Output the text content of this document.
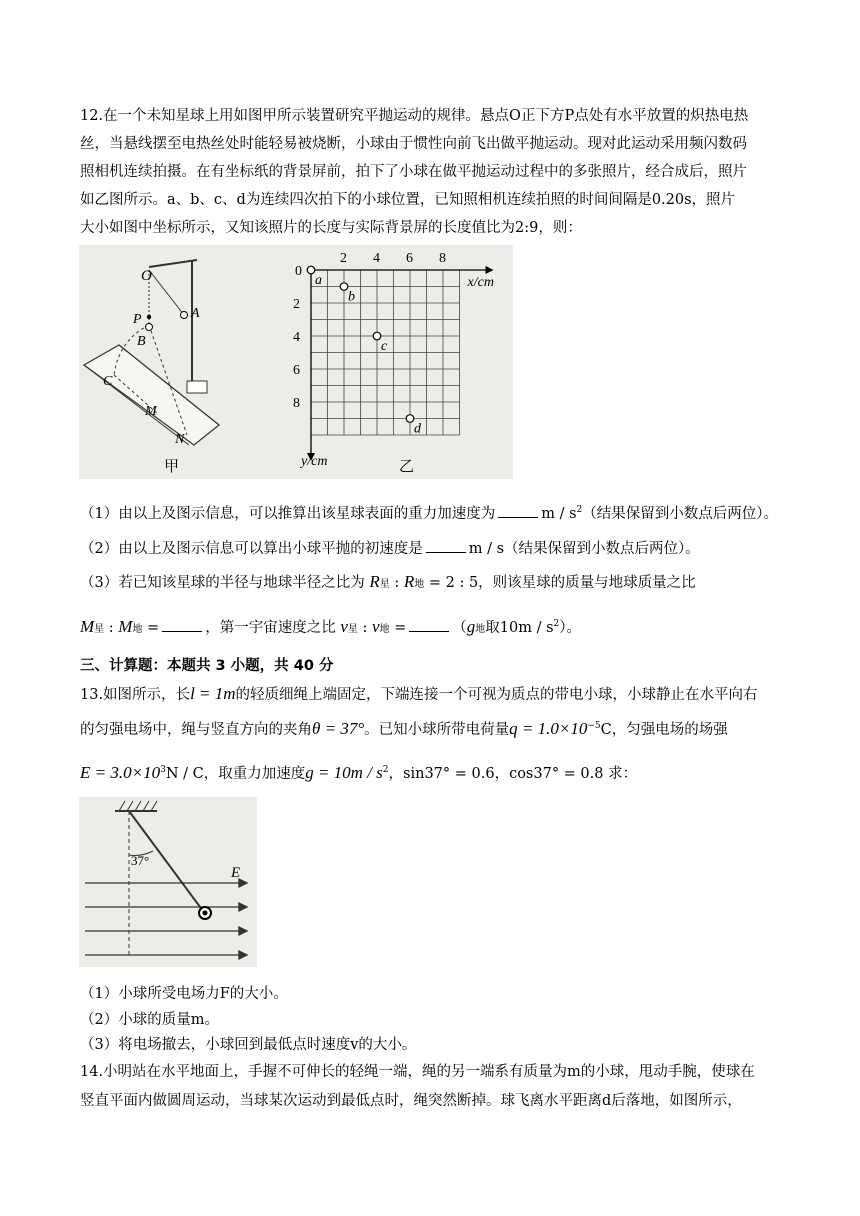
12.在一个未知星球上用如图甲所示装置研究平抛运动的规律。悬点O正下方P点处有水平放置的炽热电热
丝，当悬线摆至电热丝处时能轻易被烧断，小球由于惯性向前飞出做平抛运动。现对此运动采用频闪数码
照相机连续拍摄。在有坐标纸的背景屏前，拍下了小球在做平抛运动过程中的多张照片，经合成后，照片
如乙图所示。a、b、c、d为连续四次拍下的小球位置，已知照相机连续拍照的时间间隔是0.20s，照片
大小如图中坐标所示，又知该照片的长度与实际背景屏的长度值比为2:9，则：
O
A
P
B
C
M
N
甲
0
2 4 6 8
2
4
6
8
x/cm
y/cm
a
b
c
d
乙
（1）由以上及图示信息，可以推算出该星球表面的重力加速度为	m / $s^2$（结果保留到小数点后两位）。
（2）由以上及图示信息可以算出小球平抛的初速度是	m / s（结果保留到小数点后两位）。
（3）若已知该星球的半径与地球半径之比为 R星 : R地 = 2 : 5，则该星球的质量与地球质量之比
M星 : M地 =	，第一宇宙速度之比 v星 : v地 =	（g地取$10m / s^2$）。
三、计算题：本题共 3 小题，共 40 分
13.如图所示，长l = 1m的轻质细绳上端固定，下端连接一个可视为质点的带电小球，小球静止在水平向右
的匀强电场中，绳与竖直方向的夹角θ = 37°。已知小球所带电荷量$q = 1.0\times 10^{-5}C$，匀强电场的场强
$E = 3.0\times 10^3N / C$，取重力加速度$g = 10m / s^2$，sin37° = 0.6，cos37° = 0.8 求：
37°
E
（1）小球所受电场力F的大小。
（2）小球的质量m。
（3）将电场撤去，小球回到最低点时速度v的大小。
14.小明站在水平地面上，手握不可伸长的轻绳一端，绳的另一端系有质量为m的小球，甩动手腕，使球在
竖直平面内做圆周运动，当球某次运动到最低点时，绳突然断掉。球飞离水平距离d后落地，如图所示，
